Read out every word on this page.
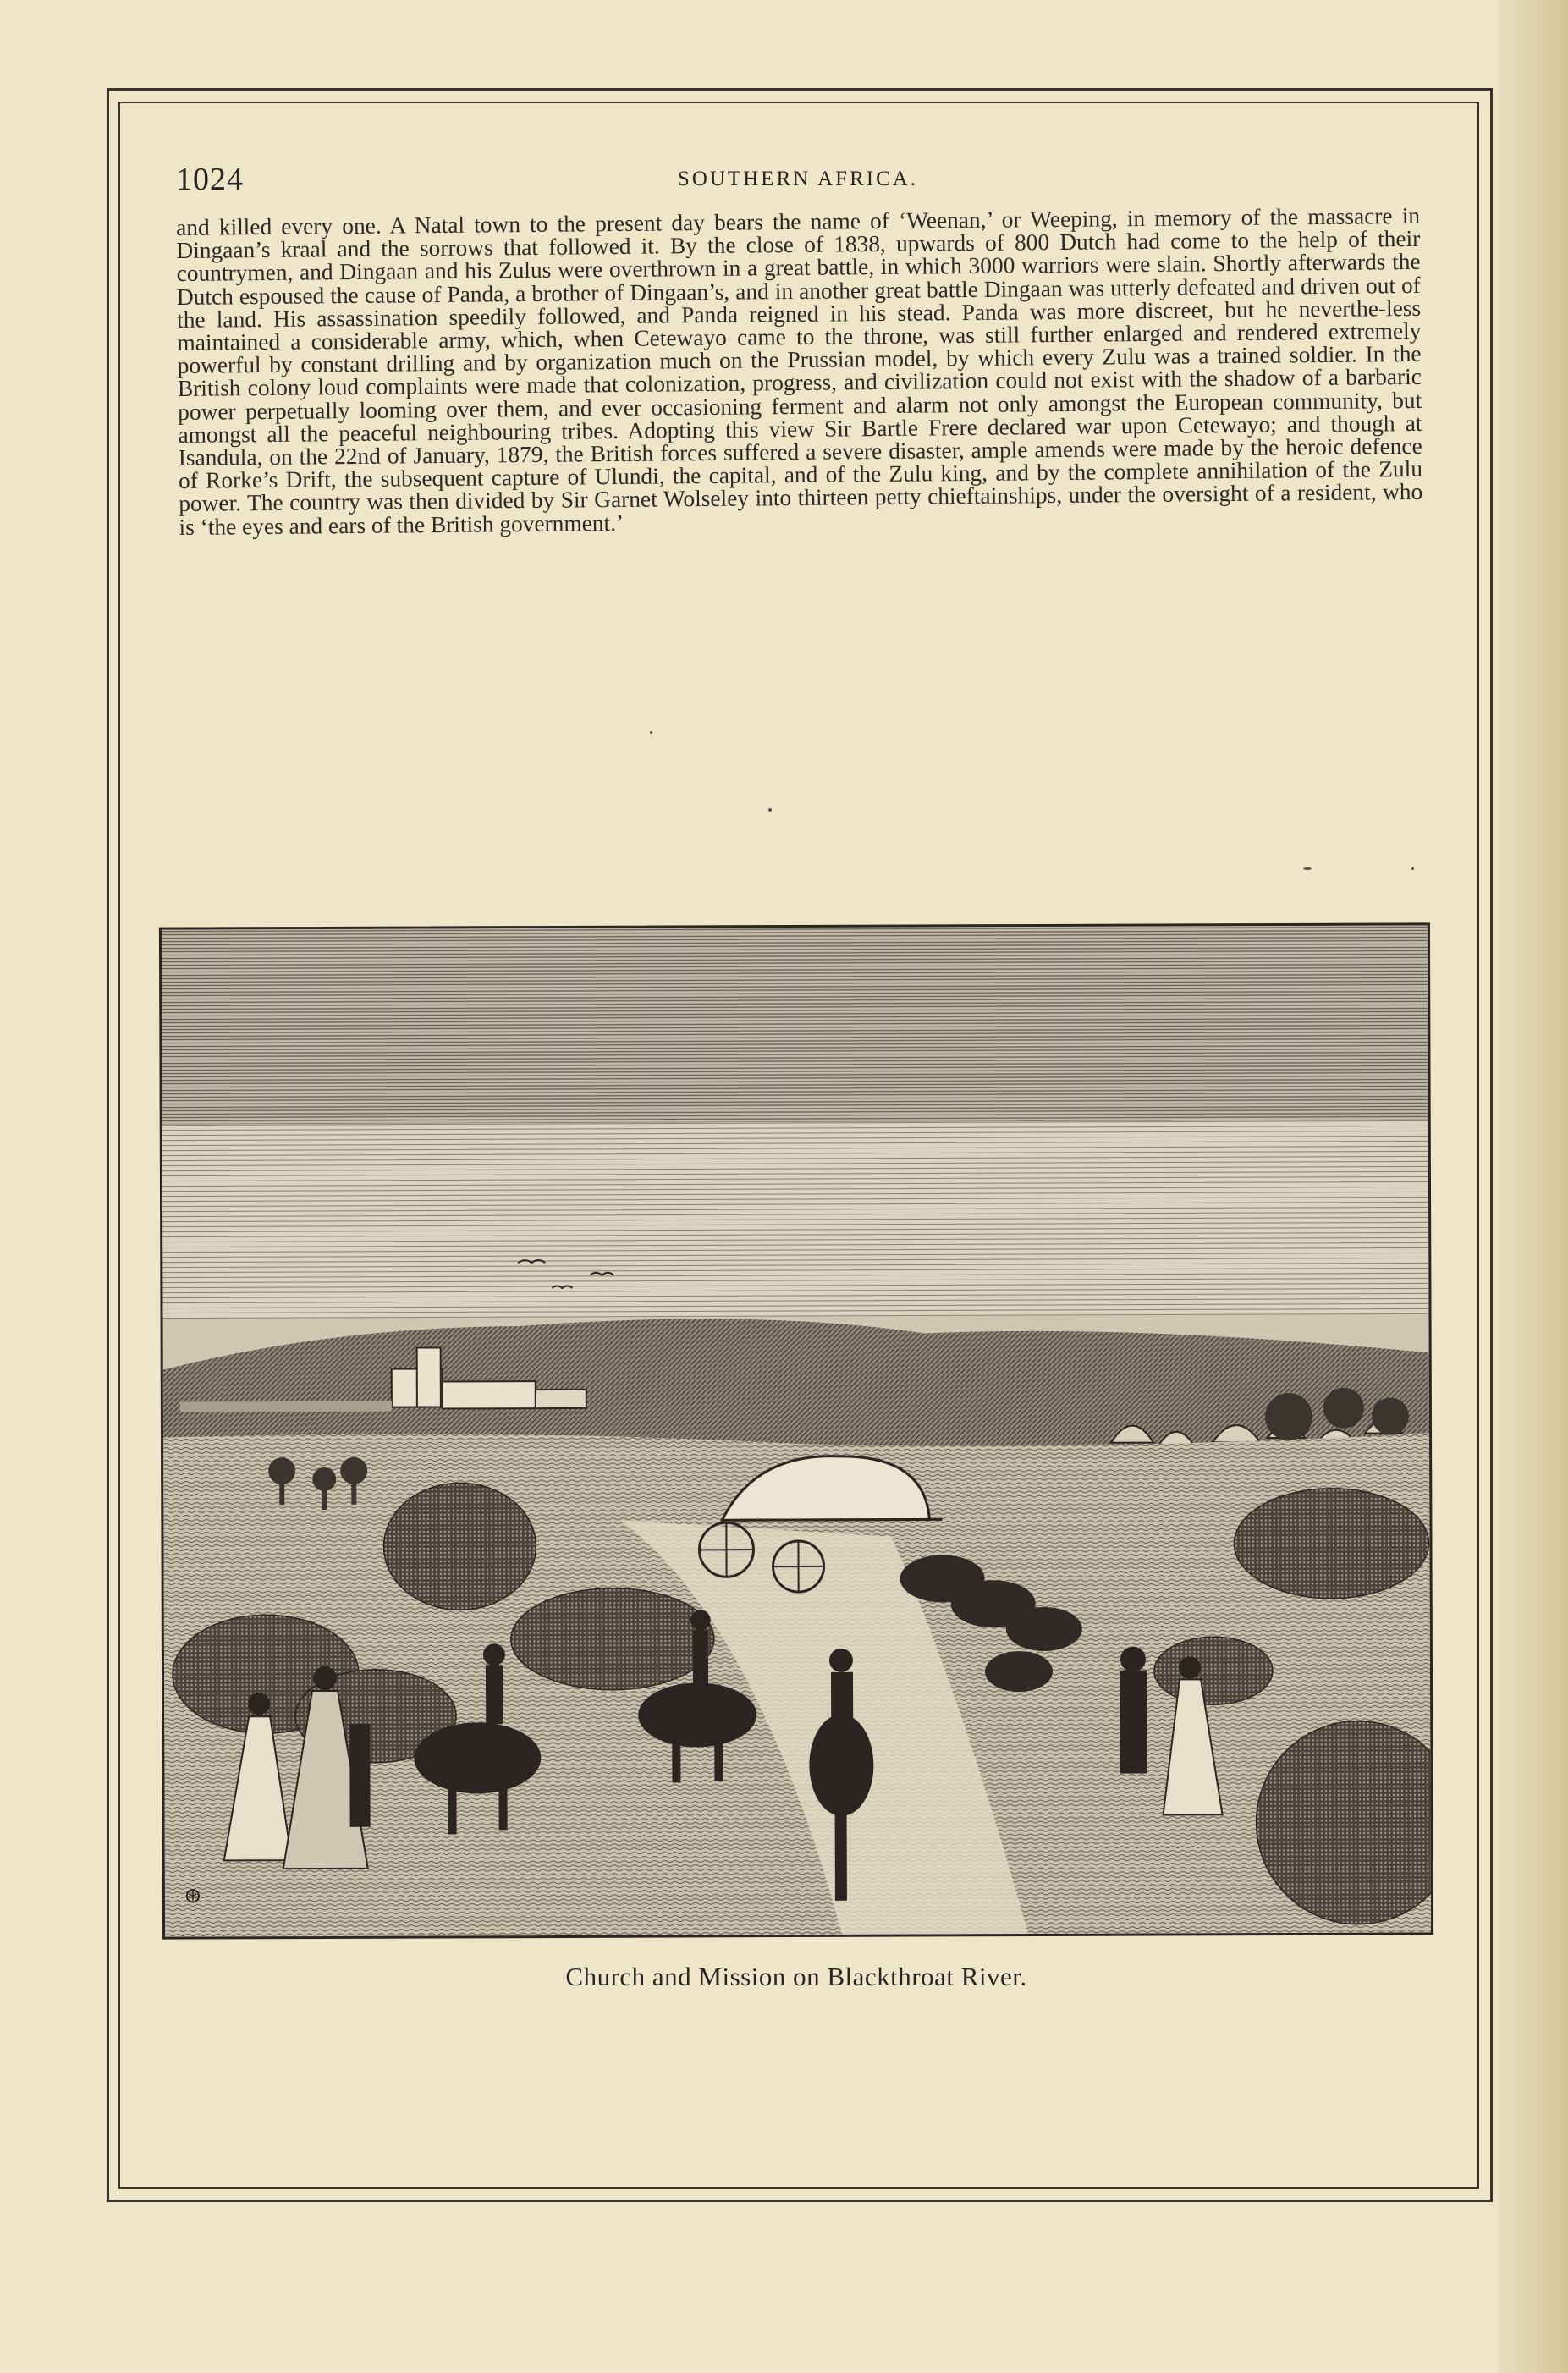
1024	SOUTHERN AFRICA.
and killed every one. A Natal town to the present day bears the name of ‘Weenan,’ or Weeping, in memory of the massacre in Dingaan’s kraal and the sorrows that followed it. By the close of 1838, upwards of 800 Dutch had come to the help of their countrymen, and Dingaan and his Zulus were overthrown in a great battle, in which 3000 warriors were slain. Shortly afterwards the Dutch espoused the cause of Panda, a brother of Dingaan’s, and in another great battle Dingaan was utterly defeated and driven out of the land. His assassination speedily followed, and Panda reigned in his stead. Panda was more discreet, but he neverthe-less maintained a considerable army, which, when Cetewayo came to the throne, was still further enlarged and rendered extremely powerful by constant drilling and by organization much on the Prussian model, by which every Zulu was a trained soldier. In the British colony loud complaints were made that colonization, progress, and civilization could not exist with the shadow of a barbaric power perpetually looming over them, and ever occasioning ferment and alarm not only amongst the European community, but amongst all the peaceful neighbouring tribes. Adopting this view Sir Bartle Frere declared war upon Cetewayo; and though at Isandula, on the 22nd of January, 1879, the British forces suffered a severe disaster, ample amends were made by the heroic defence of Rorke’s Drift, the subsequent capture of Ulundi, the capital, and of the Zulu king, and by the complete annihilation of the Zulu power. The country was then divided by Sir Garnet Wolseley into thirteen petty chieftainships, under the oversight of a resident, who is ‘the eyes and ears of the British government.’
⊛
Church and Mission on Blackthroat River.
